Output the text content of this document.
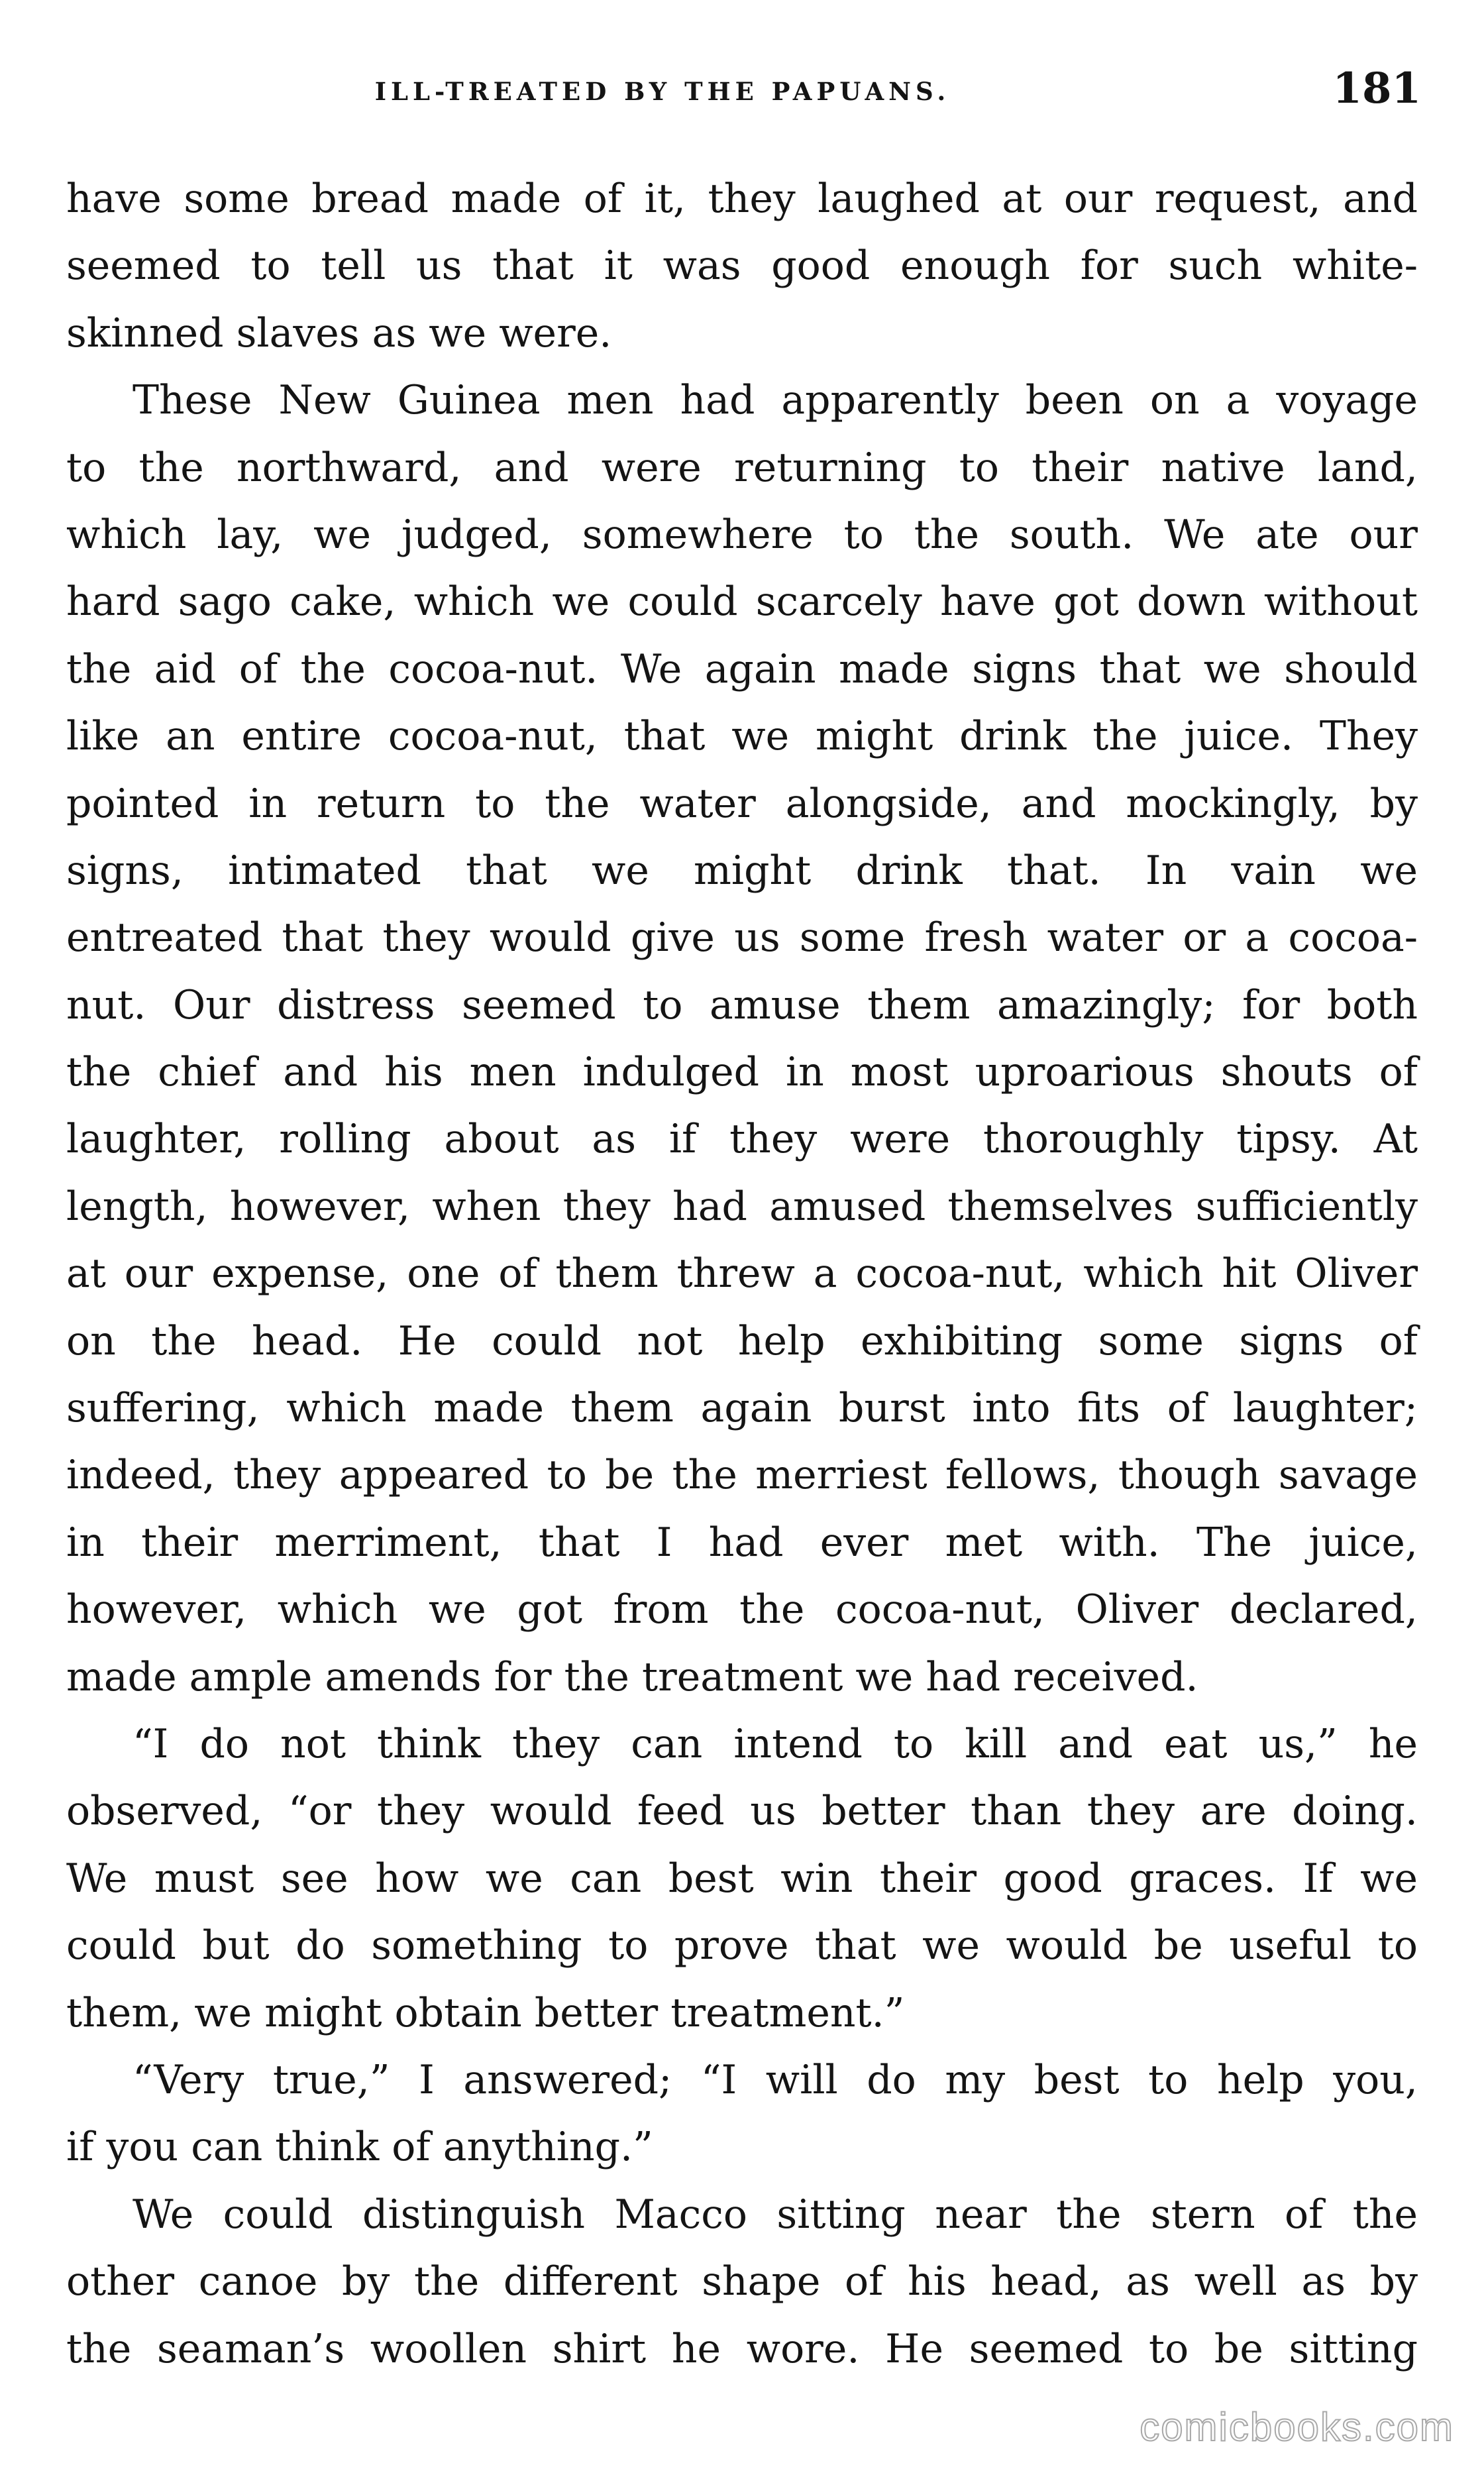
ILL-TREATED BY THE PAPUANS.	181
have some bread made of it, they laughed at our request, and
seemed to tell us that it was good enough for such white-
skinned slaves as we were.
These New Guinea men had apparently been on a voyage
to the northward, and were returning to their native land,
which lay, we judged, somewhere to the south. We ate our
hard sago cake, which we could scarcely have got down without
the aid of the cocoa-nut. We again made signs that we should
like an entire cocoa-nut, that we might drink the juice. They
pointed in return to the water alongside, and mockingly, by
signs, intimated that we might drink that. In vain we
entreated that they would give us some fresh water or a cocoa-
nut. Our distress seemed to amuse them amazingly; for both
the chief and his men indulged in most uproarious shouts of
laughter, rolling about as if they were thoroughly tipsy. At
length, however, when they had amused themselves sufficiently
at our expense, one of them threw a cocoa-nut, which hit Oliver
on the head. He could not help exhibiting some signs of
suffering, which made them again burst into fits of laughter;
indeed, they appeared to be the merriest fellows, though savage
in their merriment, that I had ever met with. The juice,
however, which we got from the cocoa-nut, Oliver declared,
made ample amends for the treatment we had received.
“I do not think they can intend to kill and eat us,” he
observed, “or they would feed us better than they are doing.
We must see how we can best win their good graces. If we
could but do something to prove that we would be useful to
them, we might obtain better treatment.”
“Very true,” I answered; “I will do my best to help you,
if you can think of anything.”
We could distinguish Macco sitting near the stern of the
other canoe by the different shape of his head, as well as by
the seaman’s woollen shirt he wore. He seemed to be sitting
comicbooks.com
